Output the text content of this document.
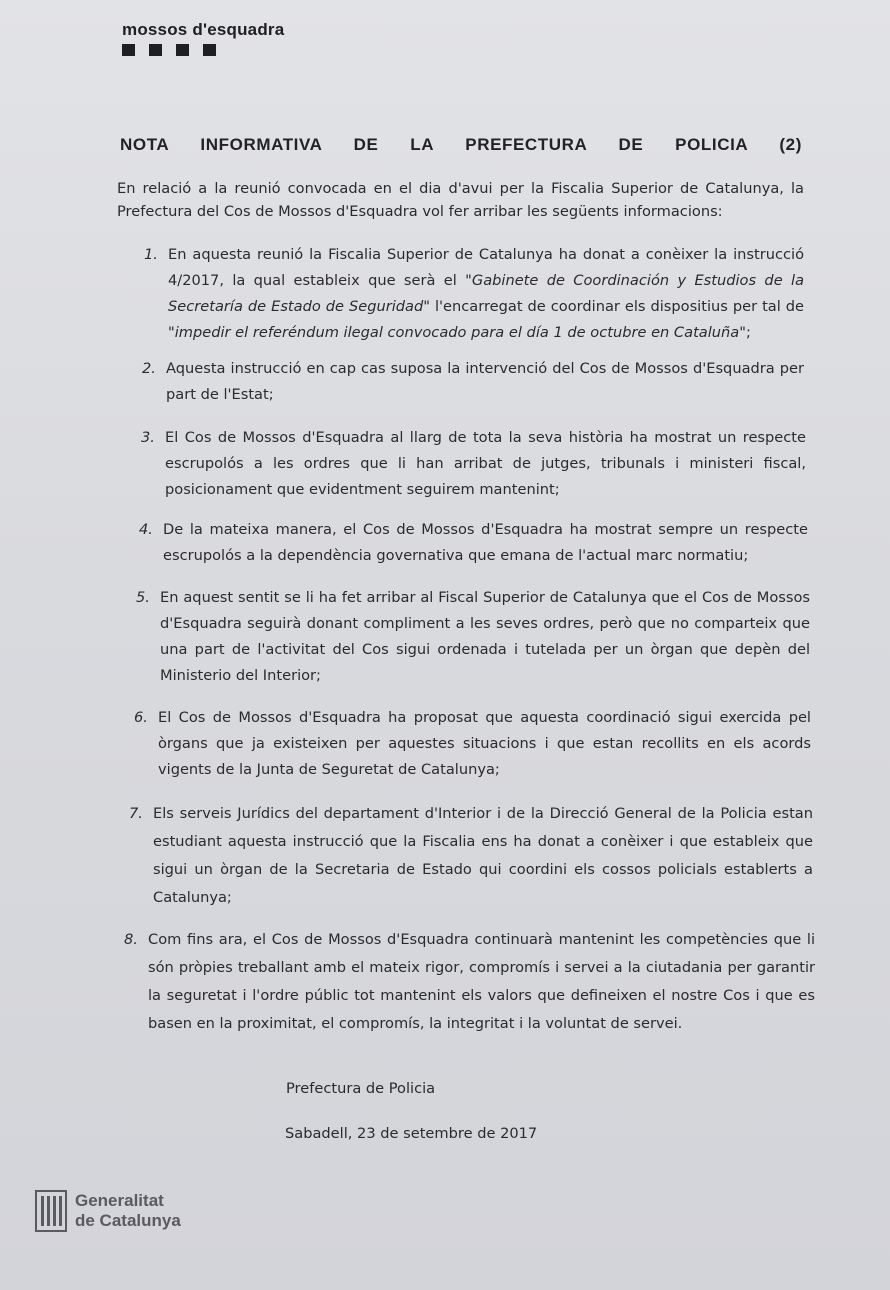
mossos d'esquadra
NOTA INFORMATIVA DE LA PREFECTURA DE POLICIA (2)
En relació a la reunió convocada en el dia d'avui per la Fiscalia Superior de Catalunya, la Prefectura del Cos de Mossos d'Esquadra vol fer arribar les següents informacions:
1. En aquesta reunió la Fiscalia Superior de Catalunya ha donat a conèixer la instrucció 4/2017, la qual estableix que serà el "Gabinete de Coordinación y Estudios de la Secretaría de Estado de Seguridad" l'encarregat de coordinar els dispositius per tal de "impedir el referéndum ilegal convocado para el día 1 de octubre en Cataluña";
2. Aquesta instrucció en cap cas suposa la intervenció del Cos de Mossos d'Esquadra per part de l'Estat;
3. El Cos de Mossos d'Esquadra al llarg de tota la seva història ha mostrat un respecte escrupolós a les ordres que li han arribat de jutges, tribunals i ministeri fiscal, posicionament que evidentment seguirem mantenint;
4. De la mateixa manera, el Cos de Mossos d'Esquadra ha mostrat sempre un respecte escrupolós a la dependència governativa que emana de l'actual marc normatiu;
5. En aquest sentit se li ha fet arribar al Fiscal Superior de Catalunya que el Cos de Mossos d'Esquadra seguirà donant compliment a les seves ordres, però que no comparteix que una part de l'activitat del Cos sigui ordenada i tutelada per un òrgan que depèn del Ministerio del Interior;
6. El Cos de Mossos d'Esquadra ha proposat que aquesta coordinació sigui exercida pel òrgans que ja existeixen per aquestes situacions i que estan recollits en els acords vigents de la Junta de Seguretat de Catalunya;
7. Els serveis Jurídics del departament d'Interior i de la Direcció General de la Policia estan estudiant aquesta instrucció que la Fiscalia ens ha donat a conèixer i que estableix que sigui un òrgan de la Secretaria de Estado qui coordini els cossos policials establerts a Catalunya;
8. Com fins ara, el Cos de Mossos d'Esquadra continuarà mantenint les competències que li són pròpies treballant amb el mateix rigor, compromís i servei a la ciutadania per garantir la seguretat i l'ordre públic tot mantenint els valors que defineixen el nostre Cos i que es basen en la proximitat, el compromís, la integritat i la voluntat de servei.
Prefectura de Policia
Sabadell, 23 de setembre de 2017
Generalitat
de Catalunya
